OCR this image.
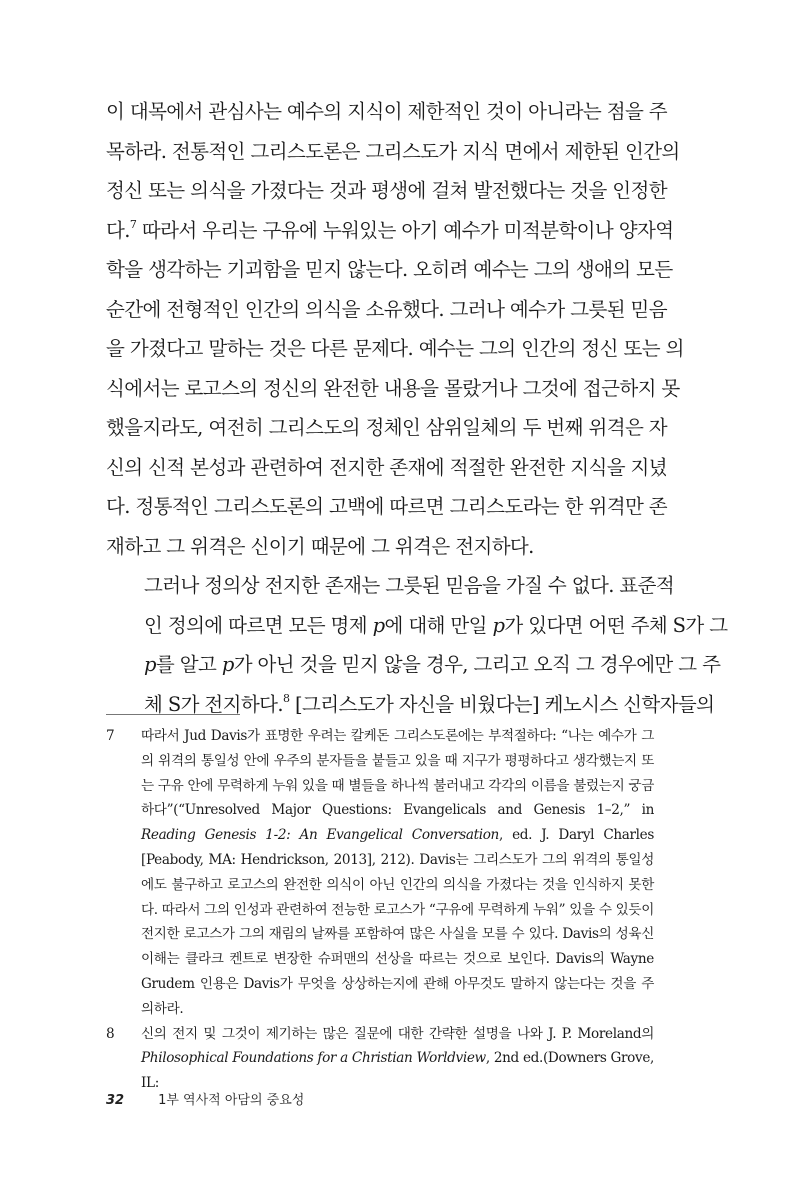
이 대목에서 관심사는 예수의 지식이 제한적인 것이 아니라는 점을 주
목하라. 전통적인 그리스도론은 그리스도가 지식 면에서 제한된 인간의
정신 또는 의식을 가졌다는 것과 평생에 걸쳐 발전했다는 것을 인정한
다.$^7$ 따라서 우리는 구유에 누워있는 아기 예수가 미적분학이나 양자역
학을 생각하는 기괴함을 믿지 않는다. 오히려 예수는 그의 생애의 모든
순간에 전형적인 인간의 의식을 소유했다. 그러나 예수가 그릇된 믿음
을 가졌다고 말하는 것은 다른 문제다. 예수는 그의 인간의 정신 또는 의
식에서는 로고스의 정신의 완전한 내용을 몰랐거나 그것에 접근하지 못
했을지라도, 여전히 그리스도의 정체인 삼위일체의 두 번째 위격은 자
신의 신적 본성과 관련하여 전지한 존재에 적절한 완전한 지식을 지녔
다. 정통적인 그리스도론의 고백에 따르면 그리스도라는 한 위격만 존
재하고 그 위격은 신이기 때문에 그 위격은 전지하다.

그러나 정의상 전지한 존재는 그릇된 믿음을 가질 수 없다. 표준적
인 정의에 따르면 모든 명제 p에 대해 만일 p가 있다면 어떤 주체 S가 그
p를 알고 p가 아닌 것을 믿지 않을 경우, 그리고 오직 그 경우에만 그 주
체 S가 전지하다.$^8$ [그리스도가 자신을 비웠다는] 케노시스 신학자들의

7	따라서 Jud Davis가 표명한 우려는 칼케돈 그리스도론에는 부적절하다: “나는 예수가 그의 위격의 통일성 안에 우주의 분자들을 붙들고 있을 때 지구가 평평하다고 생각했는지 또는 구유 안에 무력하게 누워 있을 때 별들을 하나씩 불러내고 각각의 이름을 불렀는지 궁금하다”(“Unresolved Major Questions: Evangelicals and Genesis 1–2,” in Reading Genesis 1-2: An Evangelical Conversation, ed. J. Daryl Charles [Peabody, MA: Hendrickson, 2013], 212). Davis는 그리스도가 그의 위격의 통일성에도 불구하고 로고스의 완전한 의식이 아닌 인간의 의식을 가졌다는 것을 인식하지 못한다. 따라서 그의 인성과 관련하여 전능한 로고스가 “구유에 무력하게 누워” 있을 수 있듯이 전지한 로고스가 그의 재림의 날짜를 포함하여 많은 사실을 모를 수 있다. Davis의 성육신 이해는 클라크 켄트로 변장한 슈퍼맨의 선상을 따르는 것으로 보인다. Davis의 Wayne Grudem 인용은 Davis가 무엇을 상상하는지에 관해 아무것도 말하지 않는다는 것을 주의하라.
8	신의 전지 및 그것이 제기하는 많은 질문에 대한 간략한 설명을 나와 J. P. Moreland의 Philosophical Foundations for a Christian Worldview, 2nd ed.(Downers Grove, IL:
32	1부 역사적 아담의 중요성
